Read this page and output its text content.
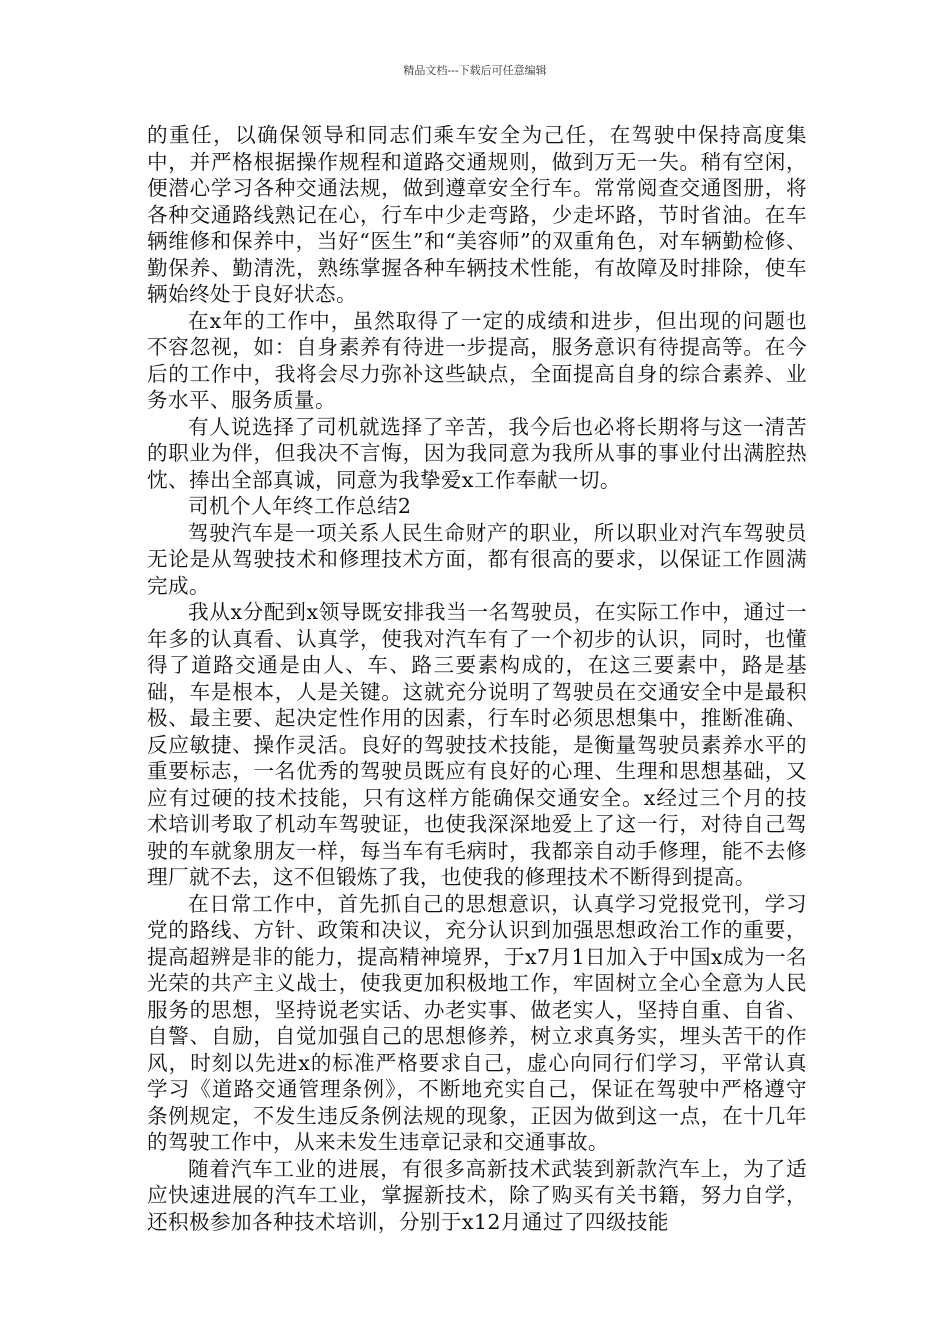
精品文档---下载后可任意编辑

的重任，以确保领导和同志们乘车安全为己任，在驾驶中保持高度集中，并严格根据操作规程和道路交通规则，做到万无一失。稍有空闲，便潜心学习各种交通法规，做到遵章安全行车。常常阅查交通图册，将各种交通路线熟记在心，行车中少走弯路，少走坏路，节时省油。在车辆维修和保养中，当好“医生”和“美容师”的双重角色，对车辆勤检修、勤保养、勤清洗，熟练掌握各种车辆技术性能，有故障及时排除，使车辆始终处于良好状态。

在x年的工作中，虽然取得了一定的成绩和进步，但出现的问题也不容忽视，如：自身素养有待进一步提高，服务意识有待提高等。在今后的工作中，我将会尽力弥补这些缺点，全面提高自身的综合素养、业务水平、服务质量。

有人说选择了司机就选择了辛苦，我今后也必将长期将与这一清苦的职业为伴，但我决不言悔，因为我同意为我所从事的事业付出满腔热忱、捧出全部真诚，同意为我挚爱x工作奉献一切。

司机个人年终工作总结2

驾驶汽车是一项关系人民生命财产的职业，所以职业对汽车驾驶员无论是从驾驶技术和修理技术方面，都有很高的要求，以保证工作圆满完成。

我从x分配到x领导既安排我当一名驾驶员，在实际工作中，通过一年多的认真看、认真学，使我对汽车有了一个初步的认识，同时，也懂得了道路交通是由人、车、路三要素构成的，在这三要素中，路是基础，车是根本，人是关键。这就充分说明了驾驶员在交通安全中是最积极、最主要、起决定性作用的因素，行车时必须思想集中，推断准确、反应敏捷、操作灵活。良好的驾驶技术技能，是衡量驾驶员素养水平的重要标志，一名优秀的驾驶员既应有良好的心理、生理和思想基础，又应有过硬的技术技能，只有这样方能确保交通安全。x经过三个月的技术培训考取了机动车驾驶证，也使我深深地爱上了这一行，对待自己驾驶的车就象朋友一样，每当车有毛病时，我都亲自动手修理，能不去修理厂就不去，这不但锻炼了我，也使我的修理技术不断得到提高。

在日常工作中，首先抓自己的思想意识，认真学习党报党刊，学习党的路线、方针、政策和决议，充分认识到加强思想政治工作的重要，提高超辨是非的能力，提高精神境界，于x7月1日加入于中国x成为一名光荣的共产主义战士，使我更加积极地工作，牢固树立全心全意为人民服务的思想，坚持说老实话、办老实事、做老实人，坚持自重、自省、自警、自励，自觉加强自己的思想修养，树立求真务实，埋头苦干的作风，时刻以先进x的标准严格要求自己，虚心向同行们学习，平常认真学习《道路交通管理条例》，不断地充实自己，保证在驾驶中严格遵守条例规定，不发生违反条例法规的现象，正因为做到这一点，在十几年的驾驶工作中，从来未发生违章记录和交通事故。

随着汽车工业的进展，有很多高新技术武装到新款汽车上，为了适应快速进展的汽车工业，掌握新技术，除了购买有关书籍，努力自学，还积极参加各种技术培训，分别于x12月通过了四级技能
